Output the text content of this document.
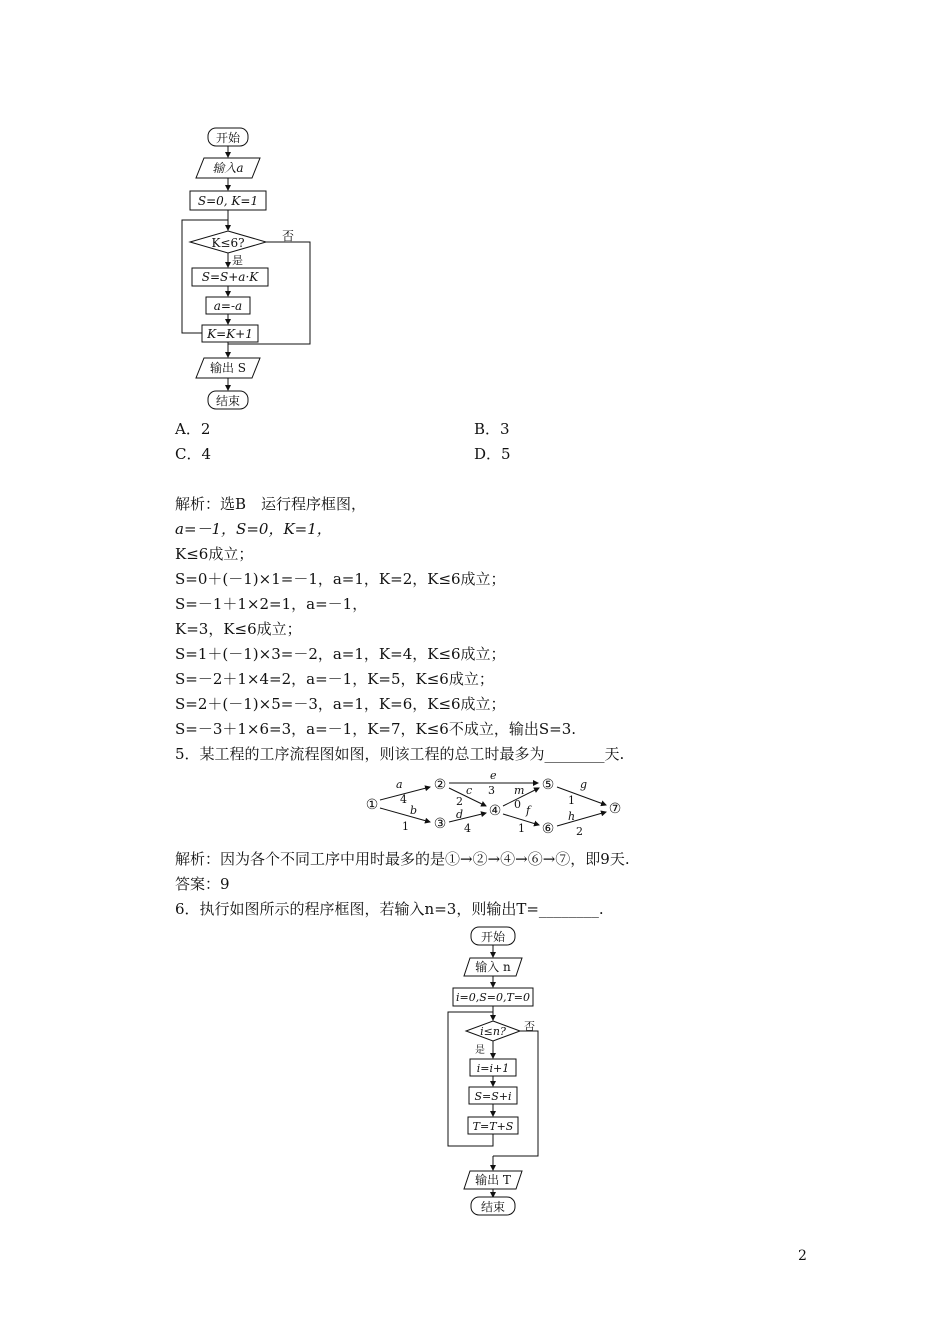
开始
输入a
S=0, K=1
K≤6?	否
是
S=S+a·K
a=-a
K=K+1
输出 S
结束
A．2	B．3
C．4	D．5
解析：选B　运行程序框图，
a=－1，S=0，K=1，
K≤6成立；
S=0＋(－1)×1=－1，a=1，K=2，K≤6成立；
S=－1＋1×2=1，a=－1，
K=3，K≤6成立；
S=1＋(－1)×3=－2，a=1，K=4，K≤6成立；
S=－2＋1×4=2，a=－1，K=5，K≤6成立；
S=2＋(－1)×5=－3，a=1，K=6，K≤6成立；
S=－3＋1×6=3，a=－1，K=7，K≤6不成立，输出S=3.
5．某工程的工序流程图如图，则该工程的总工时最多为________天.
①
②
③
④
⑤
⑥
⑦
a
4
b
1
c
2
d
4
e
3 m
0 f
1
g
1
h
2
解析：因为各个不同工序中用时最多的是①→②→④→⑥→⑦，即9天.
答案：9
6．执行如图所示的程序框图，若输入n=3，则输出T=________.
开始
输入 n
i=0,S=0,T=0
i≤n? 否
是
i=i+1
S=S+i
T=T+S
输出 T
结束
2
